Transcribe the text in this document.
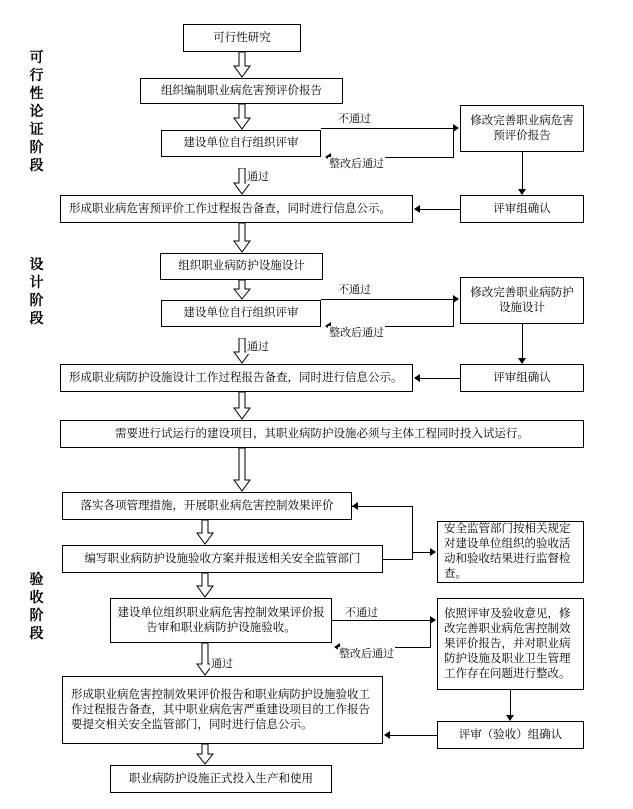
可行性论证阶段
设计阶段
验收阶段
可行性研究
组织编制职业病危害预评价报告
建设单位自行组织评审
修改完善职业病危害预评价报告
形成职业病危害预评价工作过程报告备查，同时进行信息公示。	评审组确认
组织职业病防护设施设计
建设单位自行组织评审
修改完善职业病防护设施设计
形成职业病防护设施设计工作过程报告备查，同时进行信息公示。	评审组确认
需要进行试运行的建设项目，其职业病防护设施必须与主体工程同时投入试运行。
落实各项管理措施，开展职业病危害控制效果评价
编写职业病防护设施验收方案并报送相关安全监管部门
建设单位组织职业病危害控制效果评价报告审和职业病防护设施验收。
安全监管部门按相关规定对建设单位组织的验收活动和验收结果进行监督检查。
依照评审及验收意见，修改完善职业病危害控制效果评价报告，并对职业病防护设施及职业卫生管理工作存在问题进行整改。
形成职业病危害控制效果评价报告和职业病防护设施验收工作过程报告备查，其中职业病危害严重建设项目的工作报告要提交相关安全监管部门，同时进行信息公示。
评审（验收）组确认
职业病防护设施正式投入生产和使用
不通过
整改后通过
通过
不通过
整改后通过
通过
不通过
整改后通过
通过
